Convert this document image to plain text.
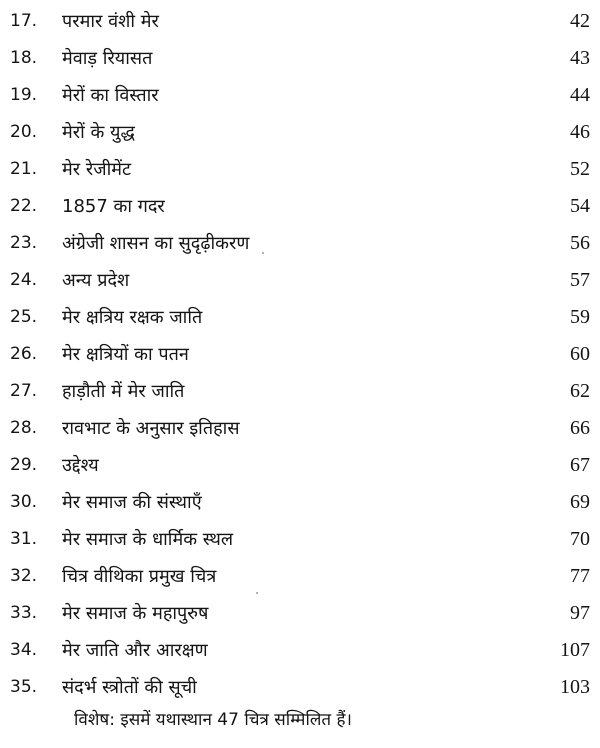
17.	परमार वंशी मेर	42
18.	मेवाड़ रियासत	43
19.	मेरों का विस्तार	44
20.	मेरों के युद्ध	46
21.	मेर रेजीमेंट	52
22.	1857 का गदर	54
23.	अंग्रेजी शासन का सुदृढ़ीकरण	56
24.	अन्य प्रदेश	57
25.	मेर क्षत्रिय रक्षक जाति	59
26.	मेर क्षत्रियों का पतन	60
27.	हाड़ौती में मेर जाति	62
28.	रावभाट के अनुसार इतिहास	66
29.	उद्देश्य	67
30.	मेर समाज की संस्थाएँ	69
31.	मेर समाज के धार्मिक स्थल	70
32.	चित्र वीथिका प्रमुख चित्र	77
33.	मेर समाज के महापुरुष	97
34.	मेर जाति और आरक्षण	107
35.	संदर्भ स्त्रोतों की सूची	103
विशेष: इसमें यथास्थान 47 चित्र सम्मिलित हैं।
